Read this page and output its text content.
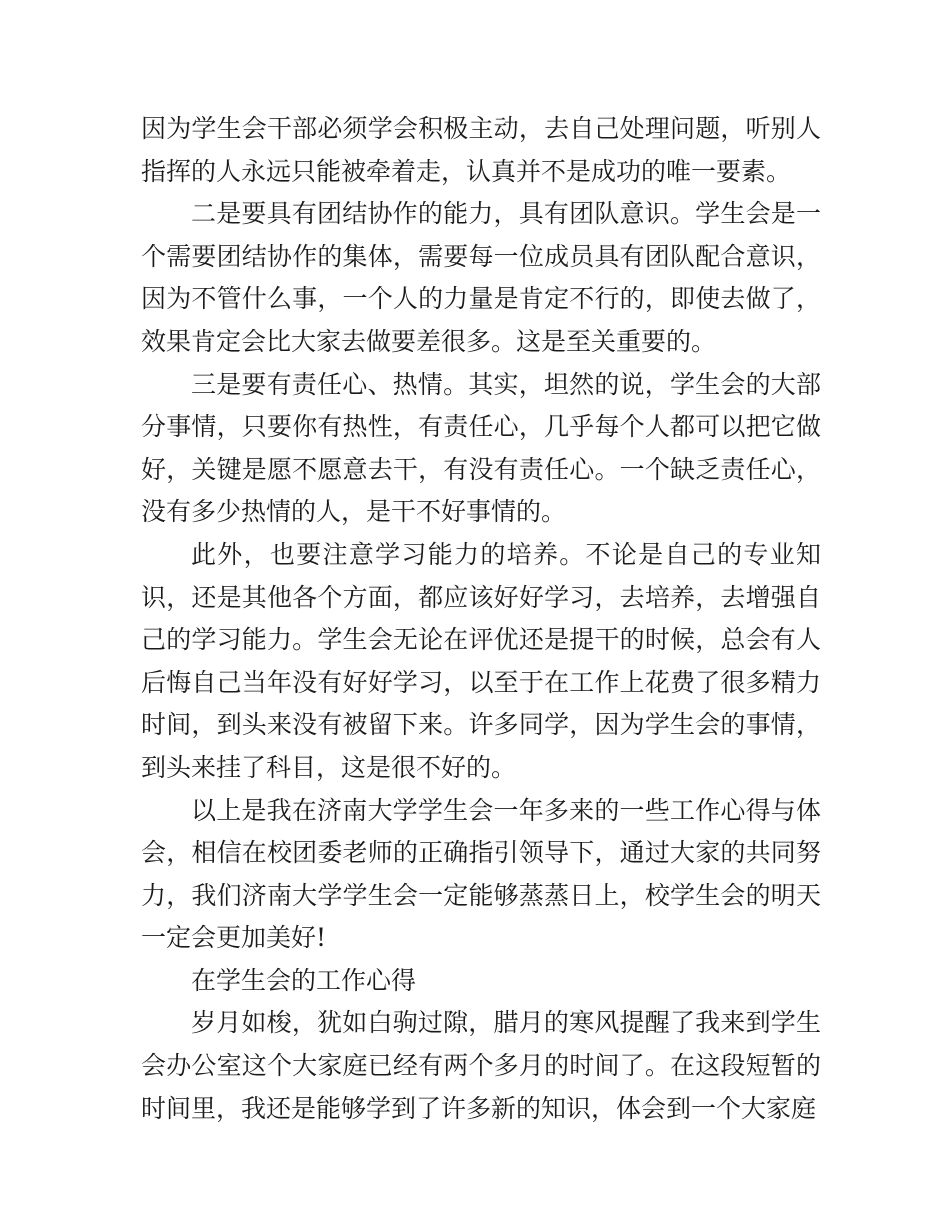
因为学生会干部必须学会积极主动，去自己处理问题，听别人指挥的人永远只能被牵着走，认真并不是成功的唯一要素。

二是要具有团结协作的能力，具有团队意识。学生会是一个需要团结协作的集体，需要每一位成员具有团队配合意识，因为不管什么事，一个人的力量是肯定不行的，即使去做了，效果肯定会比大家去做要差很多。这是至关重要的。

三是要有责任心、热情。其实，坦然的说，学生会的大部分事情，只要你有热性，有责任心，几乎每个人都可以把它做好，关键是愿不愿意去干，有没有责任心。一个缺乏责任心，没有多少热情的人，是干不好事情的。

此外，也要注意学习能力的培养。不论是自己的专业知识，还是其他各个方面，都应该好好学习，去培养，去增强自己的学习能力。学生会无论在评优还是提干的时候，总会有人后悔自己当年没有好好学习，以至于在工作上花费了很多精力时间，到头来没有被留下来。许多同学，因为学生会的事情，到头来挂了科目，这是很不好的。

以上是我在济南大学学生会一年多来的一些工作心得与体会，相信在校团委老师的正确指引领导下，通过大家的共同努力，我们济南大学学生会一定能够蒸蒸日上，校学生会的明天一定会更加美好!

在学生会的工作心得

岁月如梭，犹如白驹过隙，腊月的寒风提醒了我来到学生会办公室这个大家庭已经有两个多月的时间了。在这段短暂的时间里，我还是能够学到了许多新的知识，体会到一个大家庭
